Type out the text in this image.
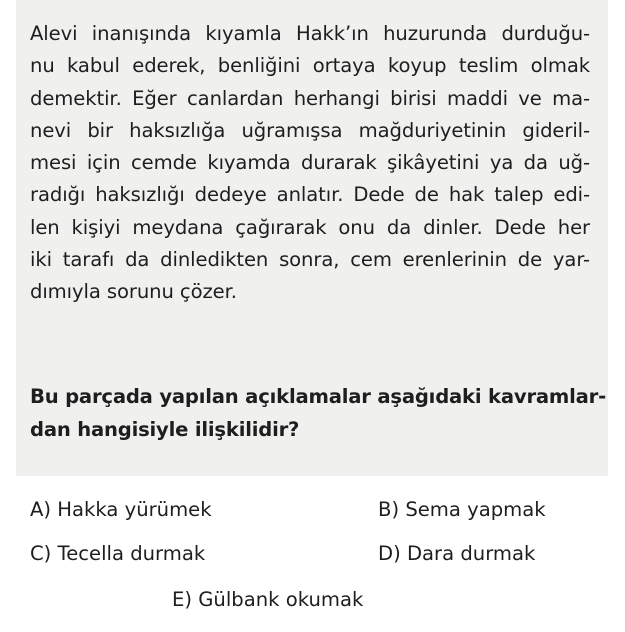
Alevi inanışında kıyamla Hakk’ın huzurunda durduğu-
nu kabul ederek, benliğini ortaya koyup teslim olmak
demektir. Eğer canlardan herhangi birisi maddi ve ma-
nevi bir haksızlığa uğramışsa mağduriyetinin gideril-
mesi için cemde kıyamda durarak şikâyetini ya da uğ-
radığı haksızlığı dedeye anlatır. Dede de hak talep edi-
len kişiyi meydana çağırarak onu da dinler. Dede her
iki tarafı da dinledikten sonra, cem erenlerinin de yar-
dımıyla sorunu çözer.
Bu parçada yapılan açıklamalar aşağıdaki kavramlar-
dan hangisiyle ilişkilidir?
A) Hakka yürümek	B) Sema yapmak
C) Tecella durmak	D) Dara durmak
E) Gülbank okumak
